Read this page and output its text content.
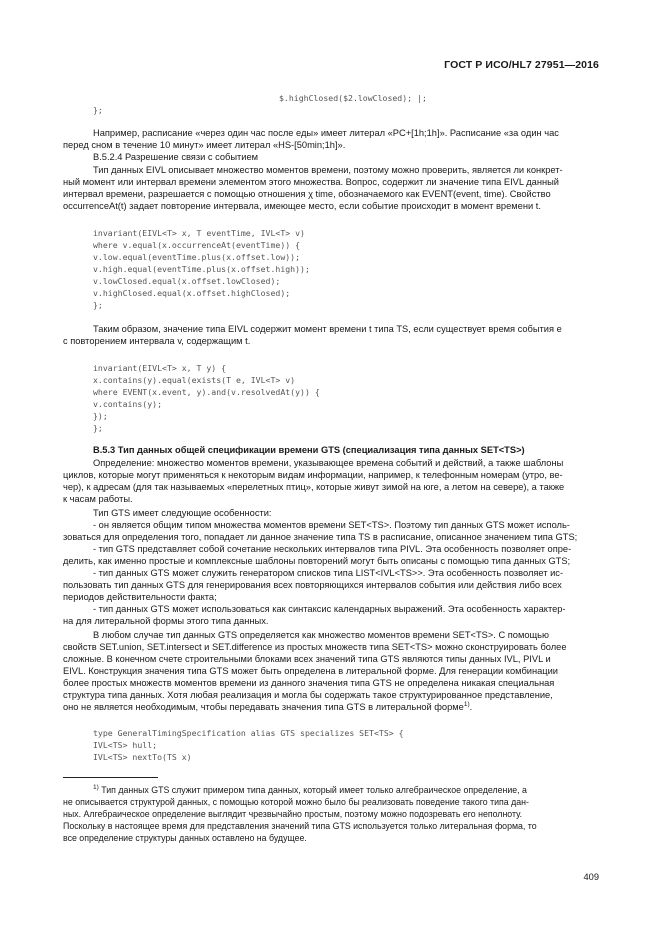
ГОСТ Р ИСО/HL7 27951—2016
$.highClosed($2.lowClosed); |;
};
Например, расписание «через один час после еды» имеет литерал «PC+[1h;1h]». Расписание «за один час
перед сном в течение 10 минут» имеет литерал «HS-[50min;1h]».
B.5.2.4 Разрешение связи с событием
Тип данных EIVL описывает множество моментов времени, поэтому можно проверить, является ли конкрет-
ный момент или интервал времени элементом этого множества. Вопрос, содержит ли значение типа EIVL данный
интервал времени, разрешается с помощью отношения χ time, обозначаемого как EVENT(event, time). Свойство
occurrenceAt(t) задает повторение интервала, имеющее место, если событие происходит в момент времени t.
invariant(EIVL<T> x, T eventTime, IVL<T> v)
where v.equal(x.occurrenceAt(eventTime)) {
v.low.equal(eventTime.plus(x.offset.low));
v.high.equal(eventTime.plus(x.offset.high));
v.lowClosed.equal(x.offset.lowClosed);
v.highClosed.equal(x.offset.highClosed);
};
Таким образом, значение типа EIVL содержит момент времени t типа TS, если существует время события e
с повторением интервала v, содержащим t.
invariant(EIVL<T> x, T y) {
x.contains(y).equal(exists(T e, IVL<T> v)
where EVENT(x.event, y).and(v.resolvedAt(y)) {
v.contains(y);
});
};
B.5.3 Тип данных общей спецификации времени GTS (специализация типа данных SET<TS>)
Определение: множество моментов времени, указывающее времена событий и действий, а также шаблоны
циклов, которые могут применяться к некоторым видам информации, например, к телефонным номерам (утро, ве-
чер), к адресам (для так называемых «перелетных птиц», которые живут зимой на юге, а летом на севере), а также
к часам работы.
Тип GTS имеет следующие особенности:
- он является общим типом множества моментов времени SET<TS>. Поэтому тип данных GTS может исполь-
зоваться для определения того, попадает ли данное значение типа TS в расписание, описанное значением типа GTS;
- тип GTS представляет собой сочетание нескольких интервалов типа PIVL. Эта особенность позволяет опре-
делить, как именно простые и комплексные шаблоны повторений могут быть описаны с помощью типа данных GTS;
- тип данных GTS может служить генератором списков типа LIST<IVL<TS>>. Эта особенность позволяет ис-
пользовать тип данных GTS для генерирования всех повторяющихся интервалов события или действия либо всех
периодов действительности факта;
- тип данных GTS может использоваться как синтаксис календарных выражений. Эта особенность характер-
на для литеральной формы этого типа данных.
В любом случае тип данных GTS определяется как множество моментов времени SET<TS>. С помощью
свойств SET.union, SET.intersect и SET.difference из простых множеств типа SET<TS> можно сконструировать более
сложные. В конечном счете строительными блоками всех значений типа GTS являются типы данных IVL, PIVL и
EIVL. Конструкция значения типа GTS может быть определена в литеральной форме. Для генерации комбинации
более простых множеств моментов времени из данного значения типа GTS не определена никакая специальная
структура типа данных. Хотя любая реализация и могла бы содержать такое структурированное представление,
оно не является необходимым, чтобы передавать значения типа GTS в литеральной форме$^{1)}$.
type GeneralTimingSpecification alias GTS specializes SET<TS> {
IVL<TS> hull;
IVL<TS> nextTo(TS x)
$^{1)}$ Тип данных GTS служит примером типа данных, который имеет только алгебраическое определение, а
не описывается структурой данных, с помощью которой можно было бы реализовать поведение такого типа дан-
ных. Алгебраическое определение выглядит чрезвычайно простым, поэтому можно подозревать его неполноту.
Поскольку в настоящее время для представления значений типа GTS используется только литеральная форма, то
все определение структуры данных оставлено на будущее.
409
